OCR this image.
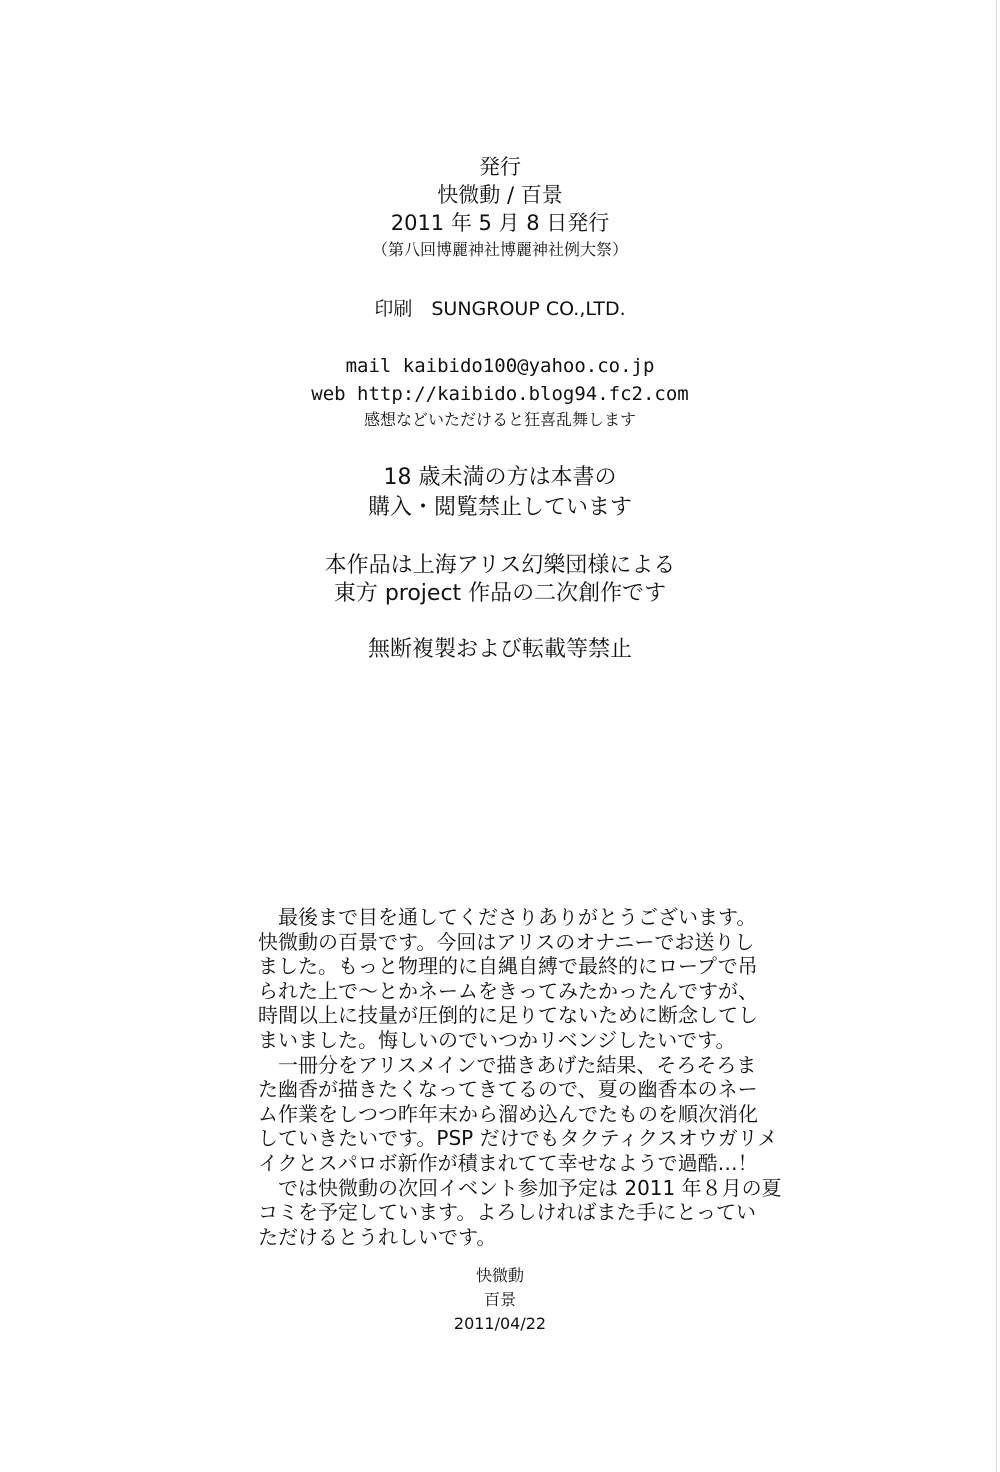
発行
快微動 / 百景
2011 年 5 月 8 日発行
（第八回博麗神社博麗神社例大祭）
印刷　SUNGROUP CO.,LTD.
mail kaibido100@yahoo.co.jp
web http://kaibido.blog94.fc2.com
感想などいただけると狂喜乱舞します
18 歳未満の方は本書の
購入・閲覧禁止しています
本作品は上海アリス幻樂団様による
東方 project 作品の二次創作です
無断複製および転載等禁止
　最後まで目を通してくださりありがとうございます。
快微動の百景です。今回はアリスのオナニーでお送りし
ました。もっと物理的に自縄自縛で最終的にロープで吊
られた上で～とかネームをきってみたかったんですが、
時間以上に技量が圧倒的に足りてないために断念してし
まいました。悔しいのでいつかリベンジしたいです。
　一冊分をアリスメインで描きあげた結果、そろそろま
た幽香が描きたくなってきてるので、夏の幽香本のネー
ム作業をしつつ昨年末から溜め込んでたものを順次消化
していきたいです。PSP だけでもタクティクスオウガリメ
イクとスパロボ新作が積まれてて幸せなようで過酷…！
　では快微動の次回イベント参加予定は 2011 年８月の夏
コミを予定しています。よろしければまた手にとってい
ただけるとうれしいです。
快微動
百景
2011/04/22
